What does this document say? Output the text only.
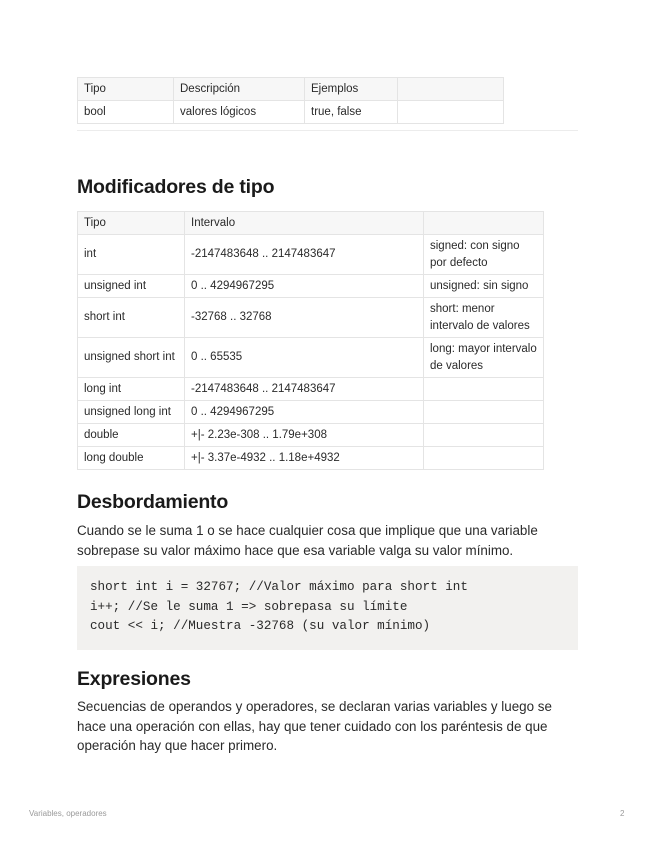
Tipo	Descripción	Ejemplos	
bool	valores lógicos	true, false	
Modificadores de tipo
Tipo	Intervalo	
int	-2147483648 .. 2147483647	signed: con signo por defecto
unsigned int	0 .. 4294967295	unsigned: sin signo
short int	-32768 .. 32768	short: menor intervalo de valores
unsigned short int	0 .. 65535	long: mayor intervalo de valores
long int	-2147483648 .. 2147483647	
unsigned long int	0 .. 4294967295	
double	+|- 2.23e-308 .. 1.79e+308	
long double	+|- 3.37e-4932 .. 1.18e+4932	
Desbordamiento

Cuando se le suma 1 o se hace cualquier cosa que implique que una variable sobrepase su valor máximo hace que esa variable valga su valor mínimo.

short int i = 32767; //Valor máximo para short int
i++; //Se le suma 1 => sobrepasa su límite
cout << i; //Muestra -32768 (su valor mínimo)
Expresiones

Secuencias de operandos y operadores, se declaran varias variables y luego se hace una operación con ellas, hay que tener cuidado con los paréntesis de que operación hay que hacer primero.

Variables, operadores	2
